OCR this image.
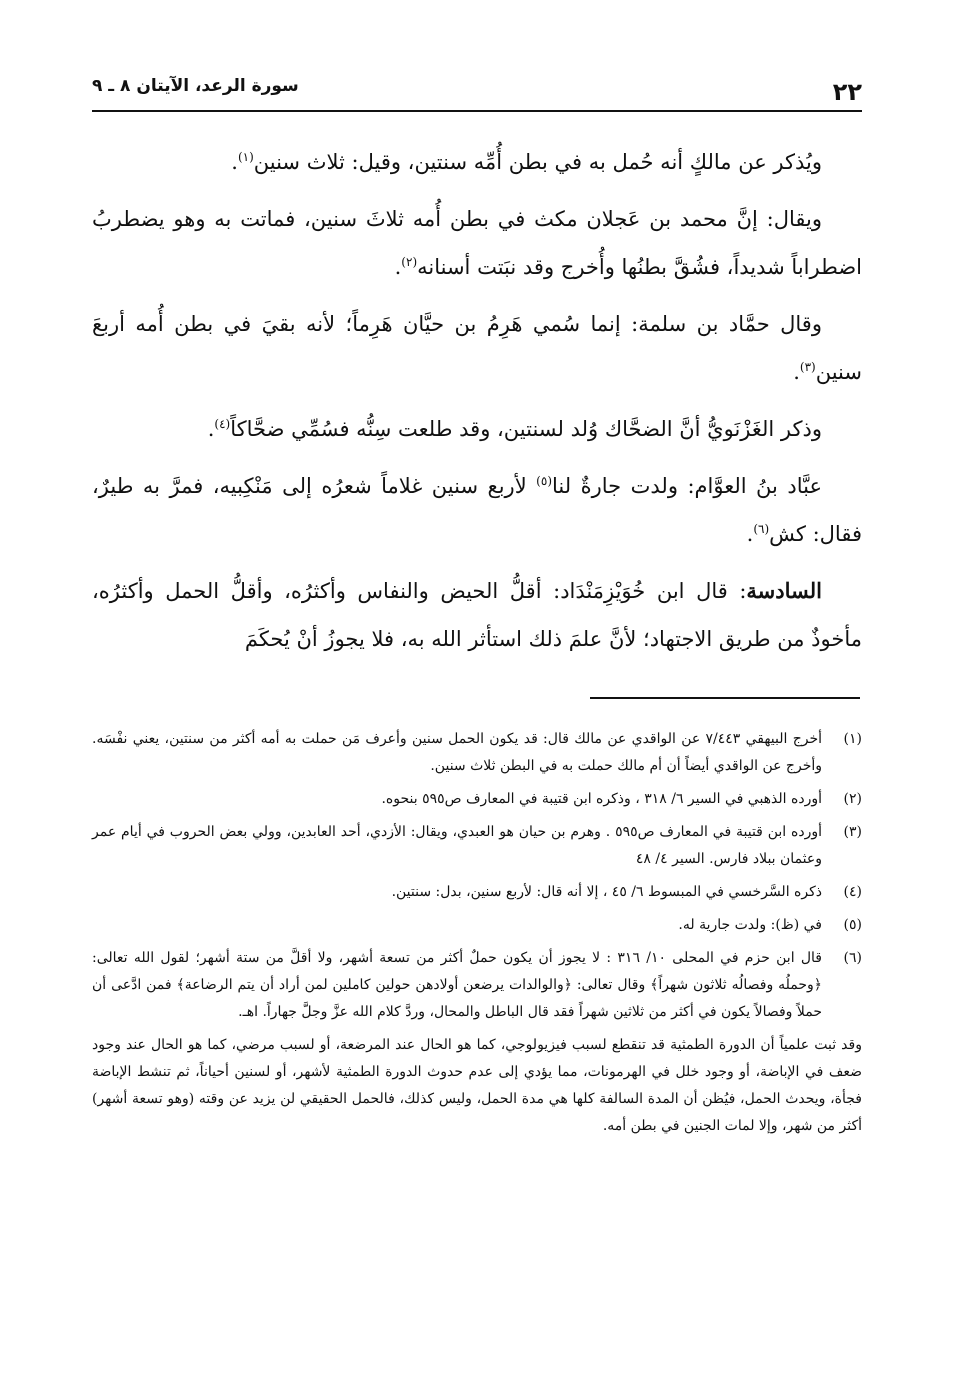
٢٢
سورة الرعد، الآيتان ٨ ـ ٩

ويُذكر عن مالكٍ أنه حُمل به في بطن أُمِّه سنتين، وقيل: ثلاث سنين$^{(١)}$.

ويقال: إنَّ محمد بن عَجلان مكث في بطن أُمه ثلاثَ سنين، فماتت به وهو يضطربُ اضطراباً شديداً، فشُقَّ بطنُها وأُخرج وقد نبَتت أسنانه$^{(٢)}$.

وقال حمَّاد بن سلمة: إنما سُمي هَرِمُ بن حيَّان هَرِماً؛ لأنه بقيَ في بطن أُمه أربعَ سنين$^{(٣)}$.

وذكر الغَزْنَويُّ أنَّ الضحَّاك وُلد لسنتين، وقد طلعت سِنُّه فسُمِّي ضحَّاكاً$^{(٤)}$.

عبَّاد بنُ العوَّام: ولدت جارةٌ لنا$^{(٥)}$ لأربع سنين غلاماً شعرُه إلى مَنْكِبيه، فمرَّ به طيرٌ، فقال: كش$^{(٦)}$.

السادسة: قال ابن خُوَيْزِمَنْدَاد: أقلُّ الحيض والنفاس وأكثرُه، وأقلُّ الحمل وأكثرُه، مأخوذٌ من طريق الاجتهاد؛ لأنَّ علمَ ذلك استأثر الله به، فلا يجوزُ أنْ يُحكَمَ

(١)
أخرج البيهقي ٧/٤٤٣ عن الواقدي عن مالك قال: قد يكون الحمل سنين وأعرف مَن حملت به أمه أكثر من سنتين، يعني نفْسَه. وأخرج عن الواقدي أيضاً أن أم مالك حملت به في البطن ثلاث سنين.
(٢)
أورده الذهبي في السير ٦/ ٣١٨ ، وذكره ابن قتيبة في المعارف ص٥٩٥ بنحوه.
(٣)
أورده ابن قتيبة في المعارف ص٥٩٥ . وهرم بن حيان هو العبدي، ويقال: الأزدي، أحد العابدين، وولي بعض الحروب في أيام عمر وعثمان ببلاد فارس. السير ٤/ ٤٨
(٤)
ذكره السَّرخسي في المبسوط ٦/ ٤٥ ، إلا أنه قال: لأربع سنين، بدل: سنتين.
(٥)
في (ظ): ولدت جارية له.
(٦)
قال ابن حزم في المحلى ١٠/ ٣١٦ : لا يجوز أن يكون حملٌ أكثر من تسعة أشهر، ولا أقلَّ من ستة أشهر؛ لقول الله تعالى: ﴿وحملُه وفصالُه ثلاثون شهراً﴾ وقال تعالى: ﴿والوالدات يرضعن أولادهن حولين كاملين لمن أراد أن يتم الرضاعة﴾ فمن ادَّعى أن حملاً وفصالاً يكون في أكثر من ثلاثين شهراً فقد قال الباطل والمحال، وردَّ كلام الله عزَّ وجلَّ جهاراً. اهـ.

وقد ثبت علمياً أن الدورة الطمثية قد تنقطع لسبب فيزيولوجي، كما هو الحال عند المرضعة، أو لسبب مرضي، كما هو الحال عند وجود ضعف في الإباضة، أو وجود خلل في الهرمونات، مما يؤدي إلى عدم حدوث الدورة الطمثية لأشهر، أو لسنين أحياناً، ثم تنشط الإباضة فجأة، ويحدث الحمل، فيُظن أن المدة السالفة كلها هي مدة الحمل، وليس كذلك، فالحمل الحقيقي لن يزيد عن وقته (وهو تسعة أشهر) أكثر من شهر، وإلا لمات الجنين في بطن أمه.
